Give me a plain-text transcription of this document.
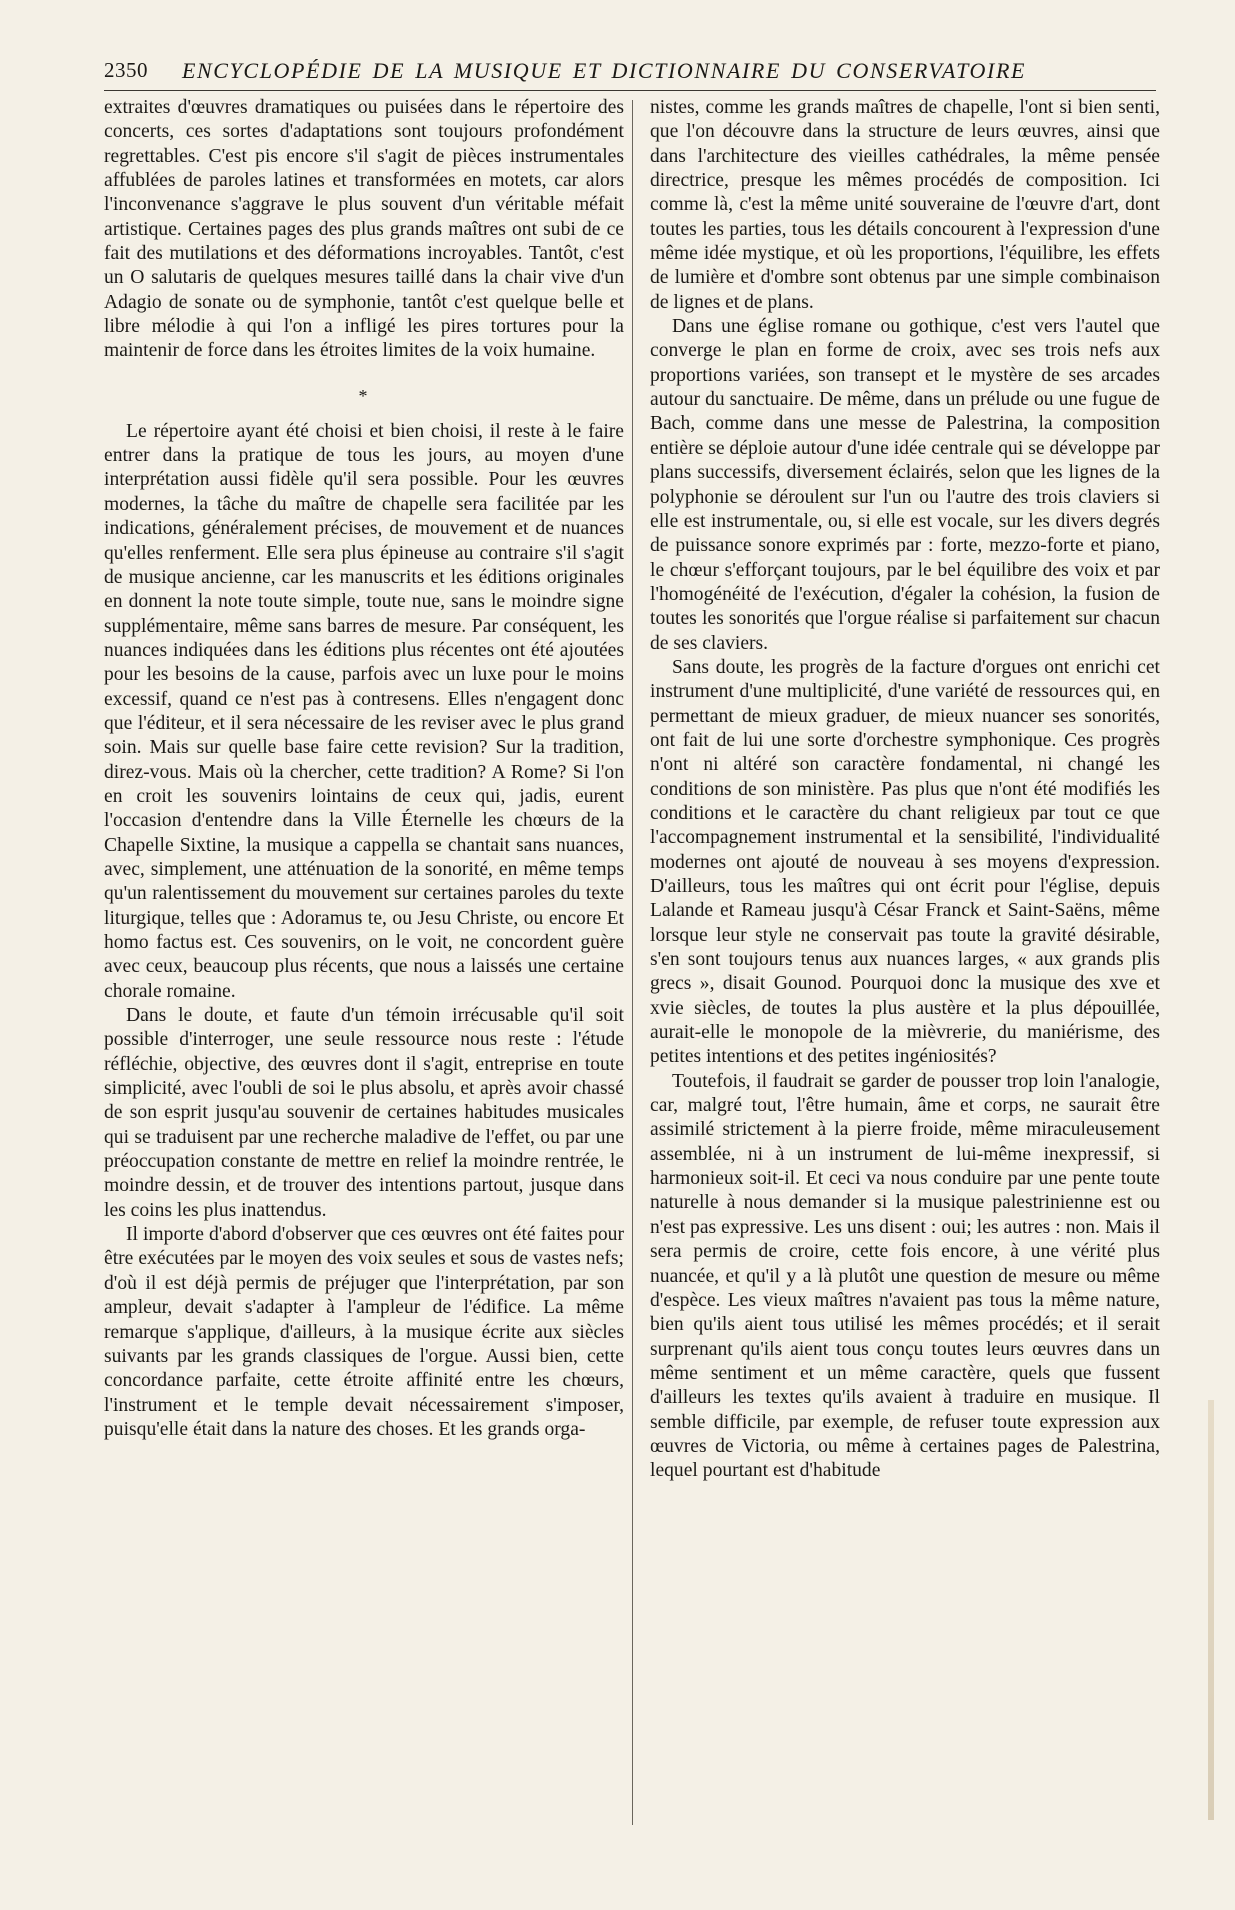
2350 ENCYCLOPÉDIE DE LA MUSIQUE ET DICTIONNAIRE DU CONSERVATOIRE

extraites d'œuvres dramatiques ou puisées dans le répertoire des concerts, ces sortes d'adaptations sont toujours profondément regrettables. C'est pis encore s'il s'agit de pièces instrumentales affublées de paroles latines et transformées en motets, car alors l'inconvenance s'aggrave le plus souvent d'un véritable méfait artistique. Certaines pages des plus grands maîtres ont subi de ce fait des mutilations et des déformations incroyables. Tantôt, c'est un O salutaris de quelques mesures taillé dans la chair vive d'un Adagio de sonate ou de symphonie, tantôt c'est quelque belle et libre mélodie à qui l'on a infligé les pires tortures pour la maintenir de force dans les étroites limites de la voix humaine.

*

Le répertoire ayant été choisi et bien choisi, il reste à le faire entrer dans la pratique de tous les jours, au moyen d'une interprétation aussi fidèle qu'il sera possible. Pour les œuvres modernes, la tâche du maître de chapelle sera facilitée par les indications, généralement précises, de mouvement et de nuances qu'elles renferment. Elle sera plus épineuse au contraire s'il s'agit de musique ancienne, car les manuscrits et les éditions originales en donnent la note toute simple, toute nue, sans le moindre signe supplémentaire, même sans barres de mesure. Par conséquent, les nuances indiquées dans les éditions plus récentes ont été ajoutées pour les besoins de la cause, parfois avec un luxe pour le moins excessif, quand ce n'est pas à contresens. Elles n'engagent donc que l'éditeur, et il sera nécessaire de les reviser avec le plus grand soin. Mais sur quelle base faire cette revision? Sur la tradition, direz-vous. Mais où la chercher, cette tradition? A Rome? Si l'on en croit les souvenirs lointains de ceux qui, jadis, eurent l'occasion d'entendre dans la Ville Éternelle les chœurs de la Chapelle Sixtine, la musique a cappella se chantait sans nuances, avec, simplement, une atténuation de la sonorité, en même temps qu'un ralentissement du mouvement sur certaines paroles du texte liturgique, telles que : Adoramus te, ou Jesu Christe, ou encore Et homo factus est. Ces souvenirs, on le voit, ne concordent guère avec ceux, beaucoup plus récents, que nous a laissés une certaine chorale romaine.

Dans le doute, et faute d'un témoin irrécusable qu'il soit possible d'interroger, une seule ressource nous reste : l'étude réfléchie, objective, des œuvres dont il s'agit, entreprise en toute simplicité, avec l'oubli de soi le plus absolu, et après avoir chassé de son esprit jusqu'au souvenir de certaines habitudes musicales qui se traduisent par une recherche maladive de l'effet, ou par une préoccupation constante de mettre en relief la moindre rentrée, le moindre dessin, et de trouver des intentions partout, jusque dans les coins les plus inattendus.

Il importe d'abord d'observer que ces œuvres ont été faites pour être exécutées par le moyen des voix seules et sous de vastes nefs; d'où il est déjà permis de préjuger que l'interprétation, par son ampleur, devait s'adapter à l'ampleur de l'édifice. La même remarque s'applique, d'ailleurs, à la musique écrite aux siècles suivants par les grands classiques de l'orgue. Aussi bien, cette concordance parfaite, cette étroite affinité entre les chœurs, l'instrument et le temple devait nécessairement s'imposer, puisqu'elle était dans la nature des choses. Et les grands orga-

nistes, comme les grands maîtres de chapelle, l'ont si bien senti, que l'on découvre dans la structure de leurs œuvres, ainsi que dans l'architecture des vieilles cathédrales, la même pensée directrice, presque les mêmes procédés de composition. Ici comme là, c'est la même unité souveraine de l'œuvre d'art, dont toutes les parties, tous les détails concourent à l'expression d'une même idée mystique, et où les proportions, l'équilibre, les effets de lumière et d'ombre sont obtenus par une simple combinaison de lignes et de plans.

Dans une église romane ou gothique, c'est vers l'autel que converge le plan en forme de croix, avec ses trois nefs aux proportions variées, son transept et le mystère de ses arcades autour du sanctuaire. De même, dans un prélude ou une fugue de Bach, comme dans une messe de Palestrina, la composition entière se déploie autour d'une idée centrale qui se développe par plans successifs, diversement éclairés, selon que les lignes de la polyphonie se déroulent sur l'un ou l'autre des trois claviers si elle est instrumentale, ou, si elle est vocale, sur les divers degrés de puissance sonore exprimés par : forte, mezzo-forte et piano, le chœur s'efforçant toujours, par le bel équilibre des voix et par l'homogénéité de l'exécution, d'égaler la cohésion, la fusion de toutes les sonorités que l'orgue réalise si parfaitement sur chacun de ses claviers.

Sans doute, les progrès de la facture d'orgues ont enrichi cet instrument d'une multiplicité, d'une variété de ressources qui, en permettant de mieux graduer, de mieux nuancer ses sonorités, ont fait de lui une sorte d'orchestre symphonique. Ces progrès n'ont ni altéré son caractère fondamental, ni changé les conditions de son ministère. Pas plus que n'ont été modifiés les conditions et le caractère du chant religieux par tout ce que l'accompagnement instrumental et la sensibilité, l'individualité modernes ont ajouté de nouveau à ses moyens d'expression. D'ailleurs, tous les maîtres qui ont écrit pour l'église, depuis Lalande et Rameau jusqu'à César Franck et Saint-Saëns, même lorsque leur style ne conservait pas toute la gravité désirable, s'en sont toujours tenus aux nuances larges, « aux grands plis grecs », disait Gounod. Pourquoi donc la musique des xve et xvie siècles, de toutes la plus austère et la plus dépouillée, aurait-elle le monopole de la mièvrerie, du maniérisme, des petites intentions et des petites ingéniosités?

Toutefois, il faudrait se garder de pousser trop loin l'analogie, car, malgré tout, l'être humain, âme et corps, ne saurait être assimilé strictement à la pierre froide, même miraculeusement assemblée, ni à un instrument de lui-même inexpressif, si harmonieux soit-il. Et ceci va nous conduire par une pente toute naturelle à nous demander si la musique palestrinienne est ou n'est pas expressive. Les uns disent : oui; les autres : non. Mais il sera permis de croire, cette fois encore, à une vérité plus nuancée, et qu'il y a là plutôt une question de mesure ou même d'espèce. Les vieux maîtres n'avaient pas tous la même nature, bien qu'ils aient tous utilisé les mêmes procédés; et il serait surprenant qu'ils aient tous conçu toutes leurs œuvres dans un même sentiment et un même caractère, quels que fussent d'ailleurs les textes qu'ils avaient à traduire en musique. Il semble difficile, par exemple, de refuser toute expression aux œuvres de Victoria, ou même à certaines pages de Palestrina, lequel pourtant est d'habitude
